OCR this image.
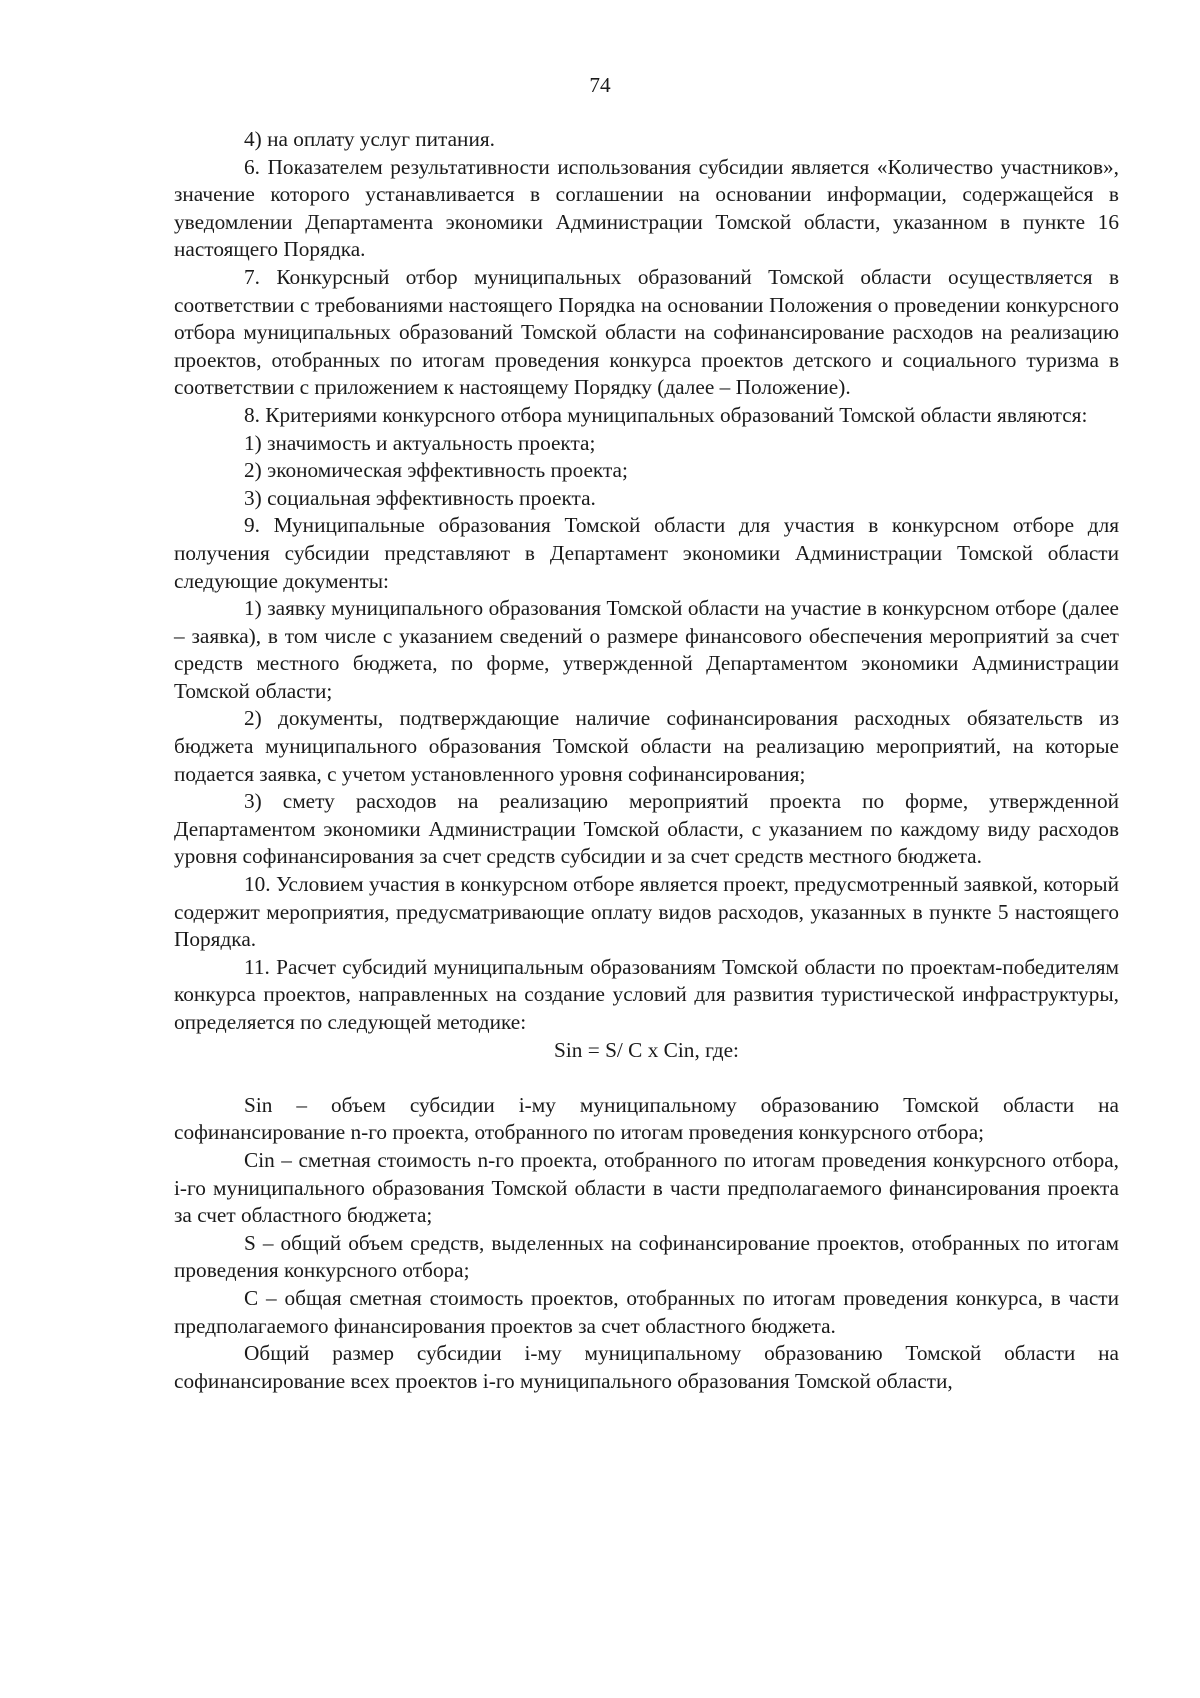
74

4) на оплату услуг питания.

6. Показателем результативности использования субсидии является «Количество участников», значение которого устанавливается в соглашении на основании информации, содержащейся в уведомлении Департамента экономики Администрации Томской области, указанном в пункте 16 настоящего Порядка.

7. Конкурсный отбор муниципальных образований Томской области осуществляется в соответствии с требованиями настоящего Порядка на основании Положения о проведении конкурсного отбора муниципальных образований Томской области на софинансирование расходов на реализацию проектов, отобранных по итогам проведения конкурса проектов детского и социального туризма в соответствии с приложением к настоящему Порядку (далее – Положение).

8. Критериями конкурсного отбора муниципальных образований Томской области являются:

1) значимость и актуальность проекта;

2) экономическая эффективность проекта;

3) социальная эффективность проекта.

9. Муниципальные образования Томской области для участия в конкурсном отборе для получения субсидии представляют в Департамент экономики Администрации Томской области следующие документы:

1) заявку муниципального образования Томской области на участие в конкурсном отборе (далее – заявка), в том числе с указанием сведений о размере финансового обеспечения мероприятий за счет средств местного бюджета, по форме, утвержденной Департаментом экономики Администрации Томской области;

2) документы, подтверждающие наличие софинансирования расходных обязательств из бюджета муниципального образования Томской области на реализацию мероприятий, на которые подается заявка, с учетом установленного уровня софинансирования;

3) смету расходов на реализацию мероприятий проекта по форме, утвержденной Департаментом экономики Администрации Томской области, с указанием по каждому виду расходов уровня софинансирования за счет средств субсидии и за счет средств местного бюджета.

10. Условием участия в конкурсном отборе является проект, предусмотренный заявкой, который содержит мероприятия, предусматривающие оплату видов расходов, указанных в пункте 5 настоящего Порядка.

11. Расчет субсидий муниципальным образованиям Томской области по проектам-победителям конкурса проектов, направленных на создание условий для развития туристической инфраструктуры, определяется по следующей методике:

Sin = S/ C x Cin, где:

Sin – объем субсидии i-му муниципальному образованию Томской области на софинансирование n-го проекта, отобранного по итогам проведения конкурсного отбора;

Cin – сметная стоимость n-го проекта, отобранного по итогам проведения конкурсного отбора, i-го муниципального образования Томской области в части предполагаемого финансирования проекта за счет областного бюджета;

S – общий объем средств, выделенных на софинансирование проектов, отобранных по итогам проведения конкурсного отбора;

C – общая сметная стоимость проектов, отобранных по итогам проведения конкурса, в части предполагаемого финансирования проектов за счет областного бюджета.

Общий размер субсидии i-му муниципальному образованию Томской области на софинансирование всех проектов i-го муниципального образования Томской области,
